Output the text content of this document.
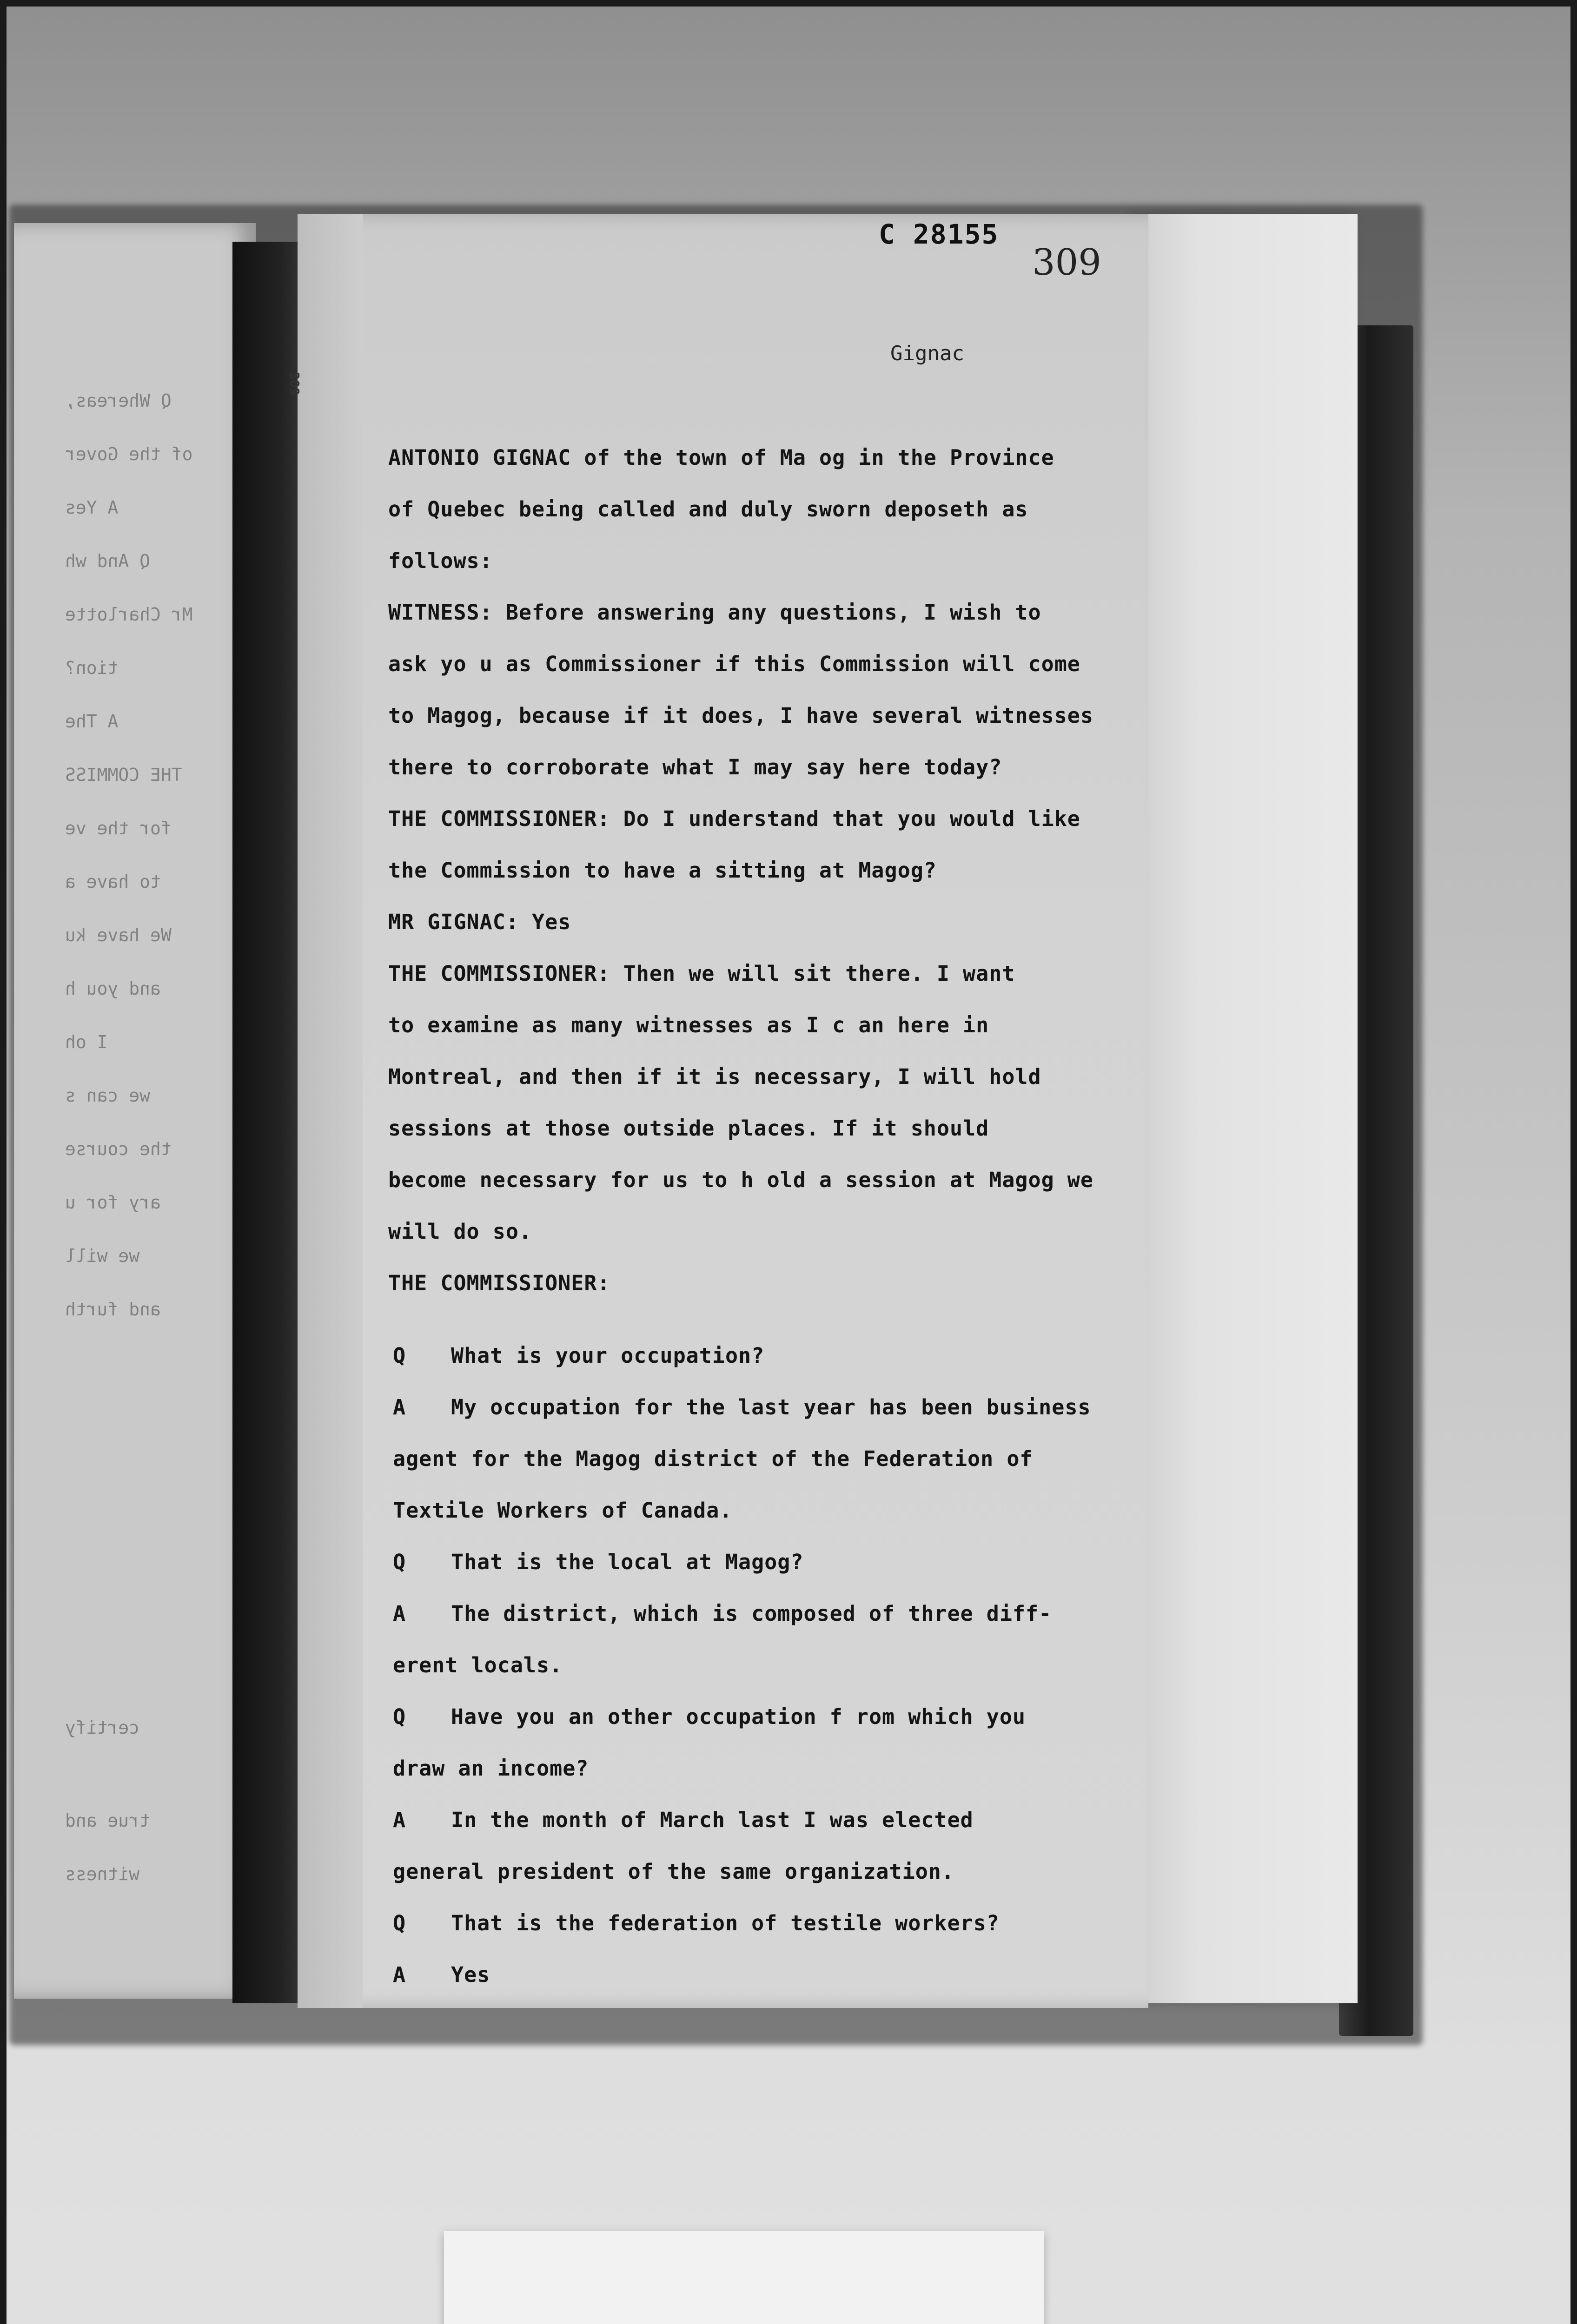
Q Whereas,
of the Gover
A Yes
Q And wh
Mr Charlotte
tion?
A The
THE COMMISS
for the ve
to have a
We have ku
and you h
I oh
we can s
the course
ary for u
we will
and furth
certify
true and
witness
309
C 28155
309
Gignac
